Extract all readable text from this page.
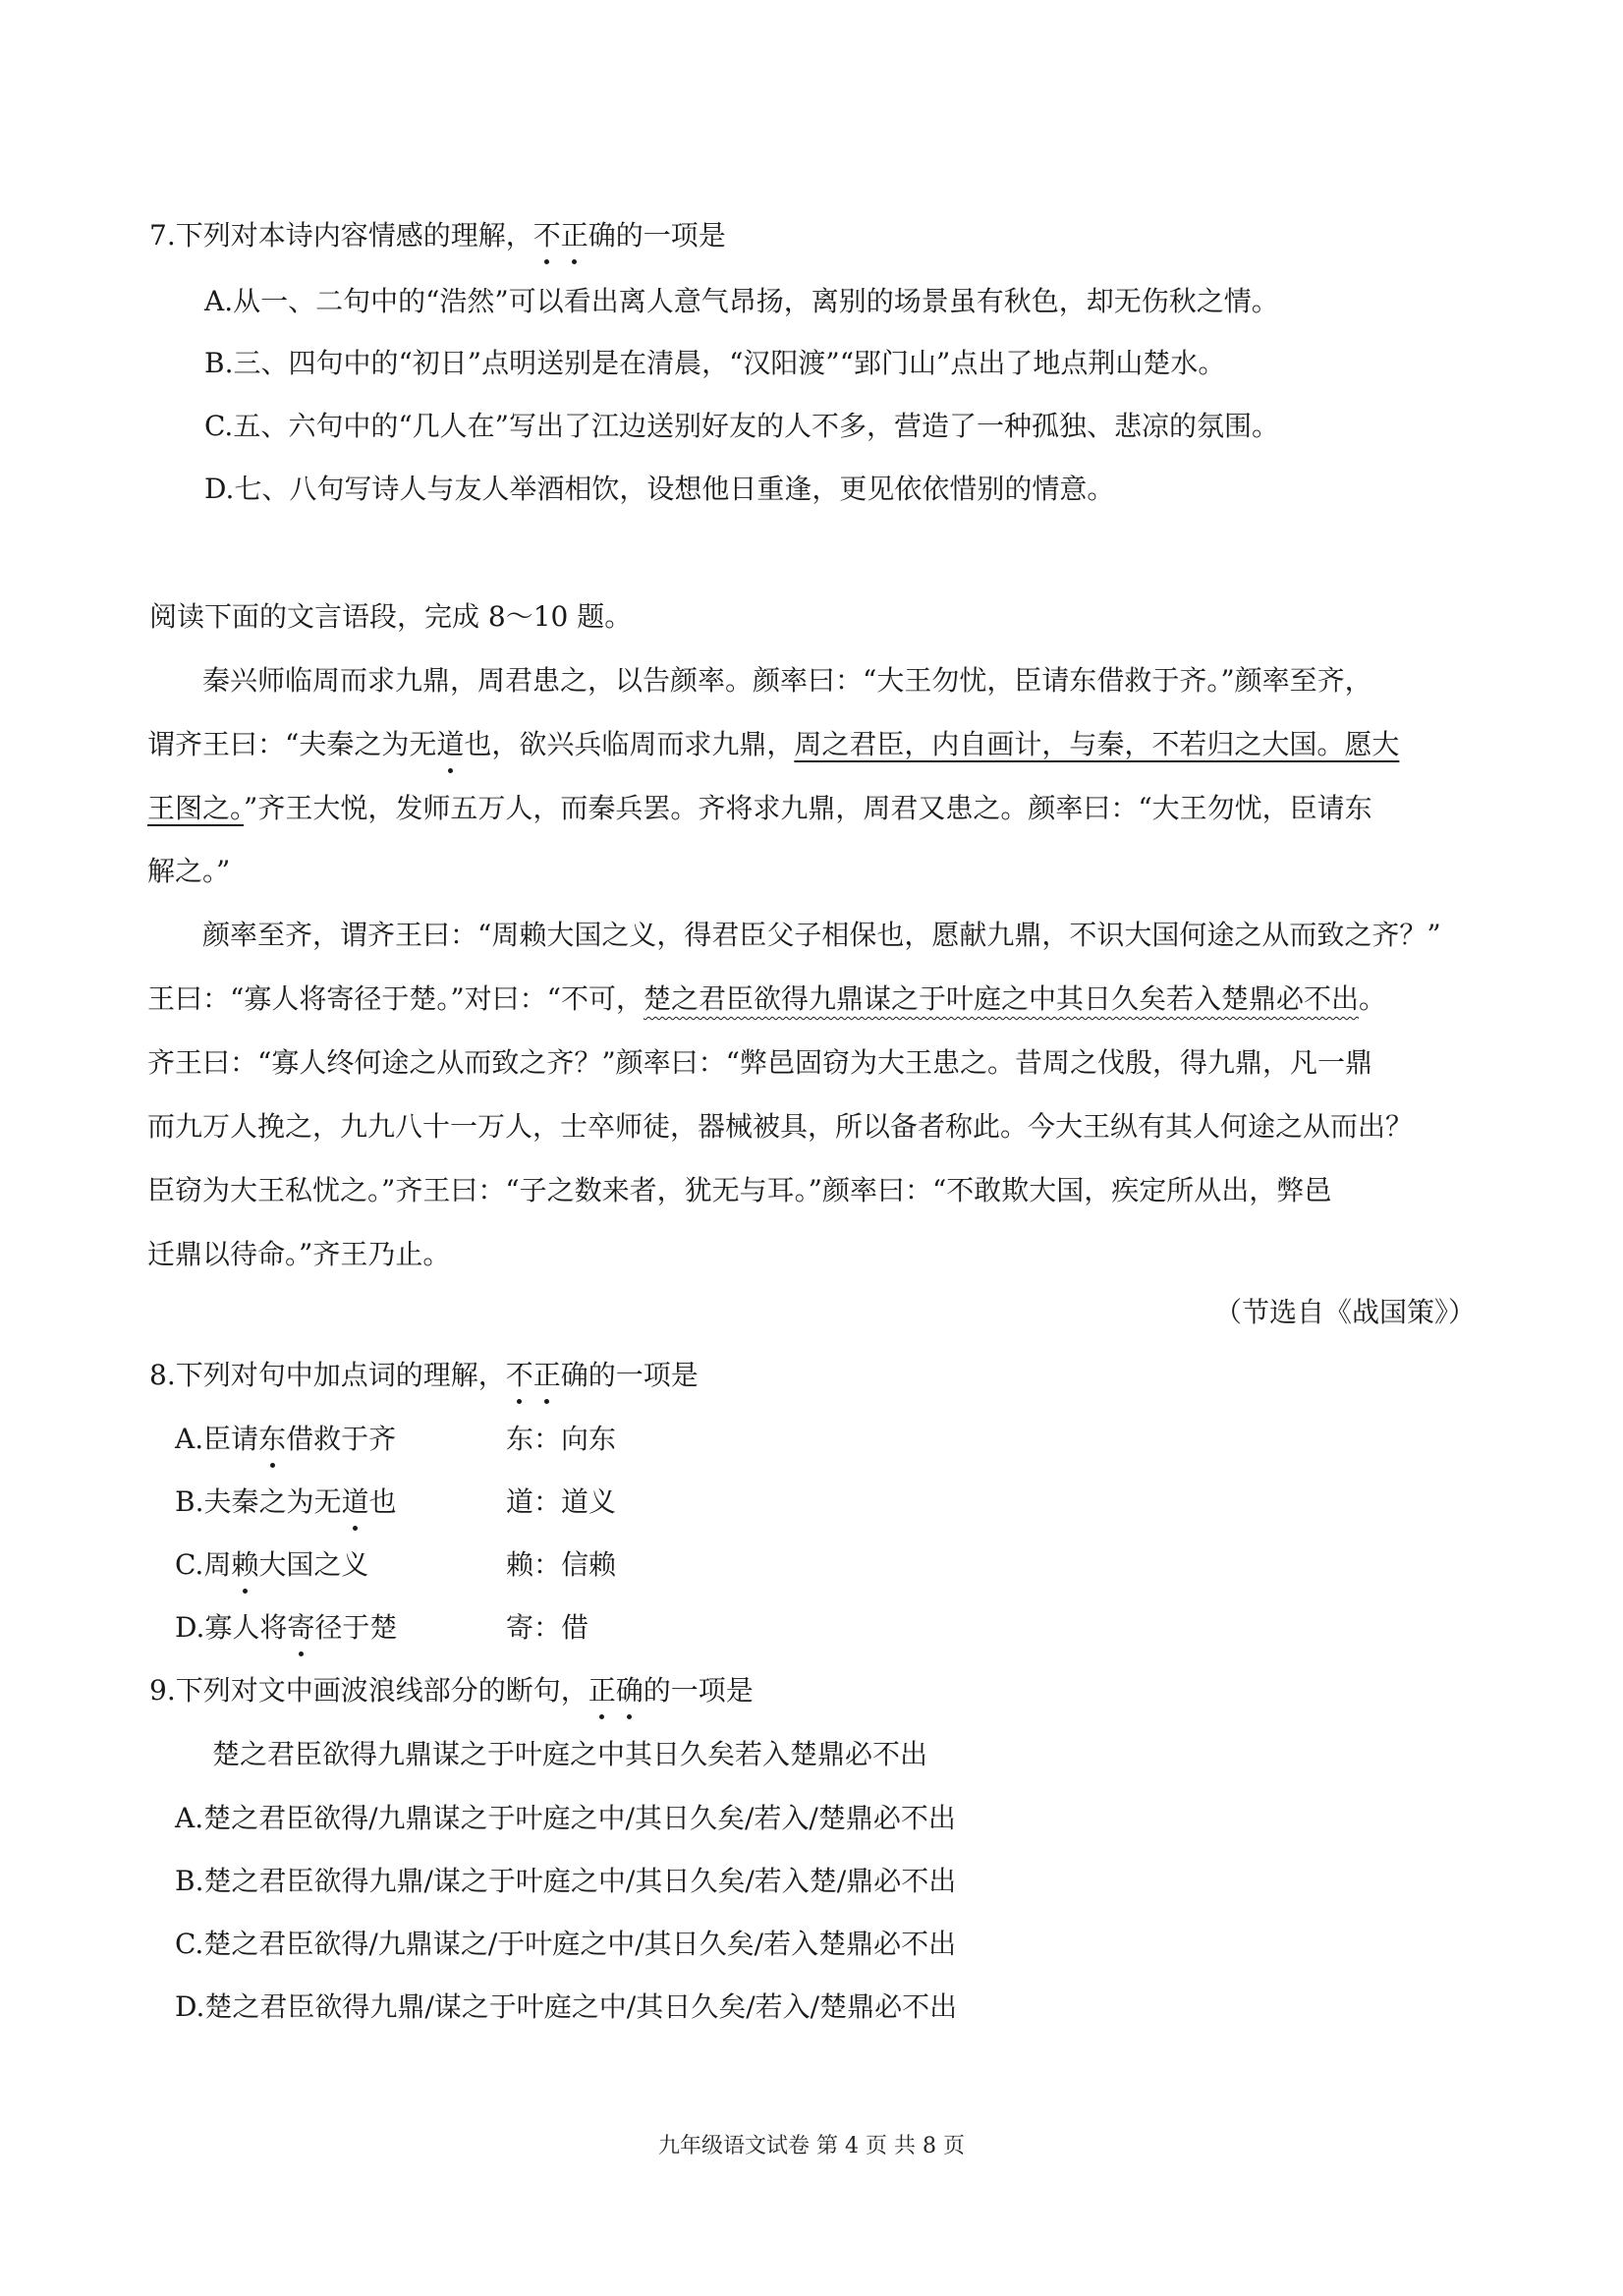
7.下列对本诗内容情感的理解，不正确的一项是
A.从一、二句中的“浩然”可以看出离人意气昂扬，离别的场景虽有秋色，却无伤秋之情。
B.三、四句中的“初日”点明送别是在清晨，“汉阳渡”“郢门山”点出了地点荆山楚水。
C.五、六句中的“几人在”写出了江边送别好友的人不多，营造了一种孤独、悲凉的氛围。
D.七、八句写诗人与友人举酒相饮，设想他日重逢，更见依依惜别的情意。
阅读下面的文言语段，完成 8～10 题。
秦兴师临周而求九鼎，周君患之，以告颜率。颜率曰：“大王勿忧，臣请东借救于齐。”颜率至齐，
谓齐王曰：“夫秦之为无道也，欲兴兵临周而求九鼎，周之君臣，内自画计，与秦，不若归之大国。愿大
王图之。”齐王大悦，发师五万人，而秦兵罢。齐将求九鼎，周君又患之。颜率曰：“大王勿忧，臣请东
解之。”
颜率至齐，谓齐王曰：“周赖大国之义，得君臣父子相保也，愿献九鼎，不识大国何途之从而致之齐？”
王曰：“寡人将寄径于楚。”对曰：“不可，楚之君臣欲得九鼎谋之于叶庭之中其日久矣若入楚鼎必不出。
齐王曰：“寡人终何途之从而致之齐？”颜率曰：“弊邑固窃为大王患之。昔周之伐殷，得九鼎，凡一鼎
而九万人挽之，九九八十一万人，士卒师徒，器械被具，所以备者称此。今大王纵有其人何途之从而出？
臣窃为大王私忧之。”齐王曰：“子之数来者，犹无与耳。”颜率曰：“不敢欺大国，疾定所从出，弊邑
迁鼎以待命。”齐王乃止。
（节选自《战国策》）
8.下列对句中加点词的理解，不正确的一项是
A.臣请东借救于齐	东：向东
B.夫秦之为无道也	道：道义
C.周赖大国之义	赖：信赖
D.寡人将寄径于楚	寄：借
9.下列对文中画波浪线部分的断句，正确的一项是
楚之君臣欲得九鼎谋之于叶庭之中其日久矣若入楚鼎必不出
A.楚之君臣欲得/九鼎谋之于叶庭之中/其日久矣/若入/楚鼎必不出
B.楚之君臣欲得九鼎/谋之于叶庭之中/其日久矣/若入楚/鼎必不出
C.楚之君臣欲得/九鼎谋之/于叶庭之中/其日久矣/若入楚鼎必不出
D.楚之君臣欲得九鼎/谋之于叶庭之中/其日久矣/若入/楚鼎必不出
九年级语文试卷 第 4 页 共 8 页
